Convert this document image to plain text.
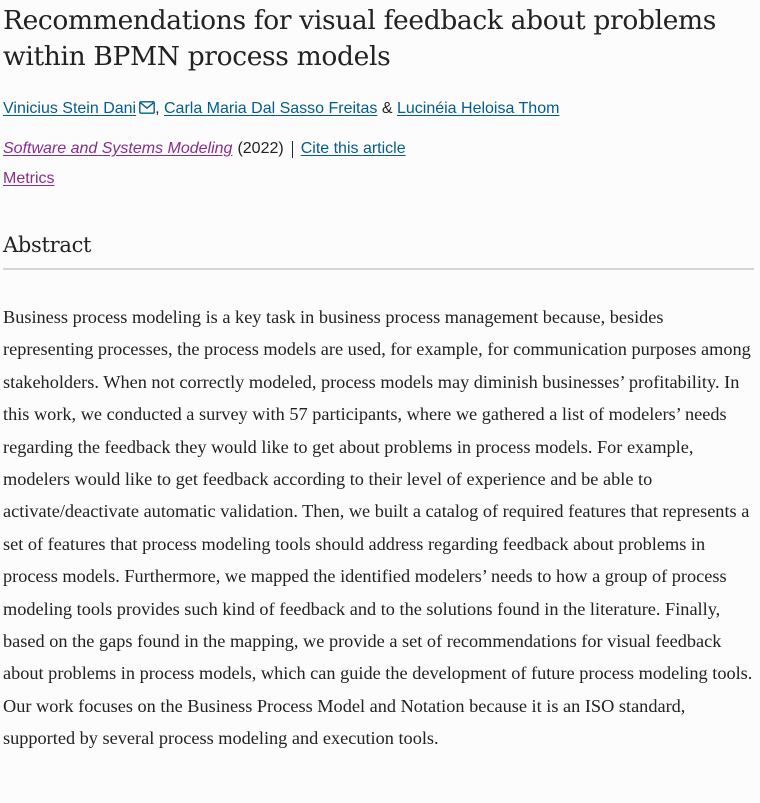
Recommendations for visual feedback about problems within BPMN process models
Vinicius Stein Dani , Carla Maria Dal Sasso Freitas & Lucinéia Heloisa Thom
Software and Systems Modeling (2022) Cite this article
Metrics
Abstract

Business process modeling is a key task in business process management because, besides representing processes, the process models are used, for example, for communication purposes among stakeholders. When not correctly modeled, process models may diminish businesses’ profitability. In this work, we conducted a survey with 57 participants, where we gathered a list of modelers’ needs regarding the feedback they would like to get about problems in process models. For example, modelers would like to get feedback according to their level of experience and be able to activate/deactivate automatic validation. Then, we built a catalog of required features that represents a set of features that process modeling tools should address regarding feedback about problems in process models. Furthermore, we mapped the identified modelers’ needs to how a group of process modeling tools provides such kind of feedback and to the solutions found in the literature. Finally, based on the gaps found in the mapping, we provide a set of recommendations for visual feedback about problems in process models, which can guide the development of future process modeling tools. Our work focuses on the Business Process Model and Notation because it is an ISO standard, supported by several process modeling and execution tools.
